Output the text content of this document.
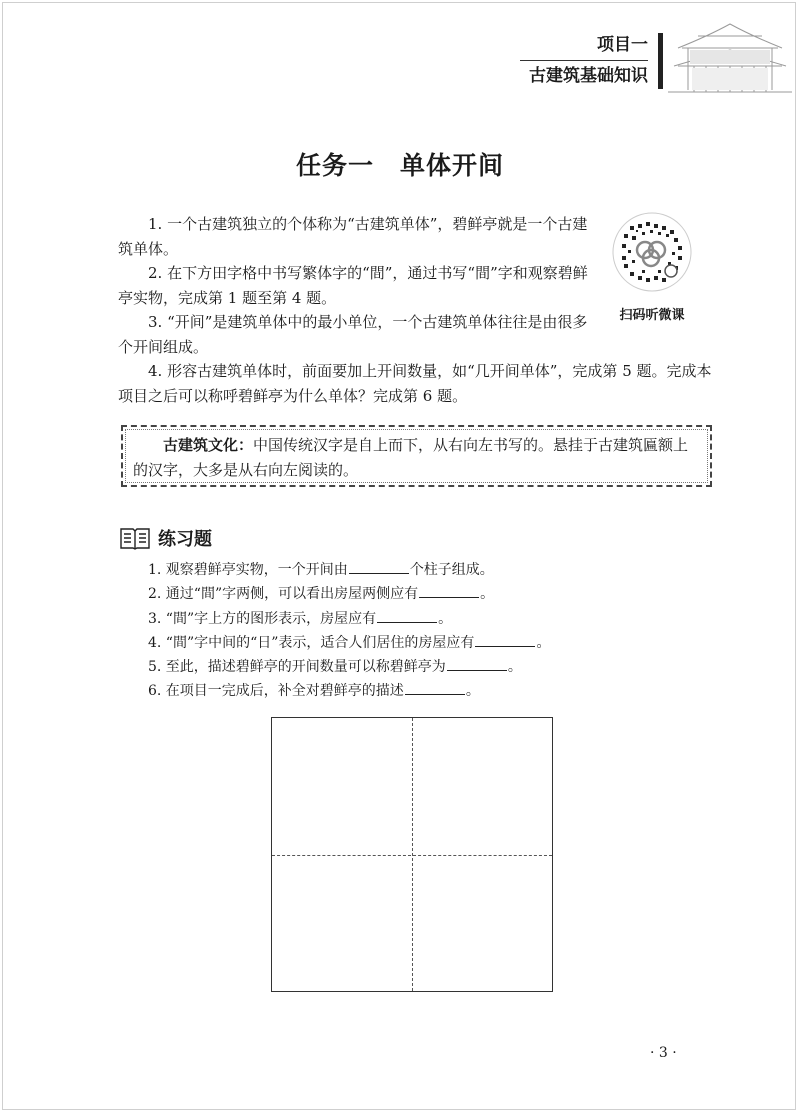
项目一
古建筑基础知识
任务一　单体开间

1. 一个古建筑独立的个体称为“古建筑单体”，碧鲜亭就是一个古建筑单体。

2. 在下方田字格中书写繁体字的“間”，通过书写“間”字和观察碧鲜亭实物，完成第 1 题至第 4 题。

3. “开间”是建筑单体中的最小单位，一个古建筑单体往往是由很多个开间组成。

4. 形容古建筑单体时，前面要加上开间数量，如“几开间单体”，完成第 5 题。完成本项目之后可以称呼碧鲜亭为什么单体？完成第 6 题。

扫码听微课

古建筑文化：中国传统汉字是自上而下，从右向左书写的。悬挂于古建筑匾额上的汉字，大多是从右向左阅读的。

练习题
1. 观察碧鲜亭实物，一个开间由	个柱子组成。
2. 通过“間”字两侧，可以看出房屋两侧应有	。
3. “間”字上方的图形表示，房屋应有	。
4. “間”字中间的“日”表示，适合人们居住的房屋应有	。
5. 至此，描述碧鲜亭的开间数量可以称碧鲜亭为	。
6. 在项目一完成后，补全对碧鲜亭的描述	。
· 3 ·
